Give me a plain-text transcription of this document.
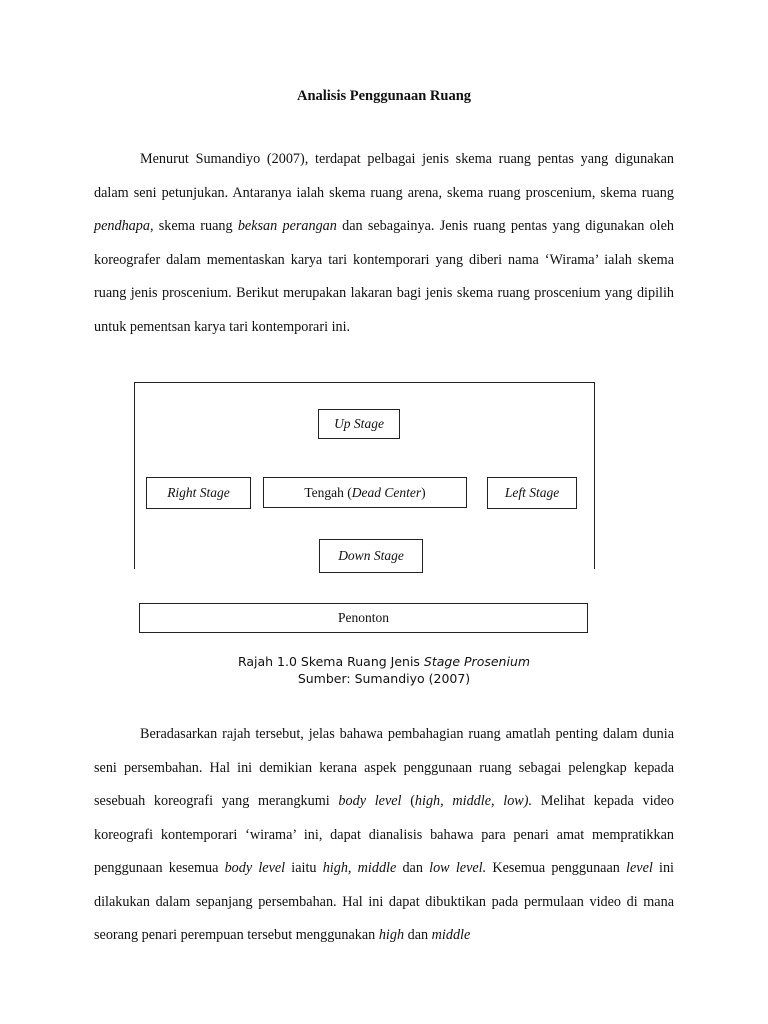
Analisis Penggunaan Ruang

Menurut Sumandiyo (2007), terdapat pelbagai jenis skema ruang pentas yang digunakan dalam seni petunjukan. Antaranya ialah skema ruang arena, skema ruang proscenium, skema ruang pendhapa, skema ruang beksan perangan dan sebagainya. Jenis ruang pentas yang digunakan oleh koreografer dalam mementaskan karya tari kontemporari yang diberi nama ‘Wirama’ ialah skema ruang jenis proscenium. Berikut merupakan lakaran bagi jenis skema ruang proscenium yang dipilih untuk pementsan karya tari kontemporari ini.

Up Stage
Right Stage	Tengah ( Dead Center )	Left Stage
Down Stage
Penonton
Rajah 1.0 Skema Ruang Jenis Stage Prosenium
Sumber: Sumandiyo (2007)

Beradasarkan rajah tersebut, jelas bahawa pembahagian ruang amatlah penting dalam dunia seni persembahan. Hal ini demikian kerana aspek penggunaan ruang sebagai pelengkap kepada sesebuah koreografi yang merangkumi body level (high, middle, low). Melihat kepada video koreografi kontemporari ‘wirama’ ini, dapat dianalisis bahawa para penari amat mempratikkan penggunaan kesemua body level iaitu high, middle dan low level. Kesemua penggunaan level ini dilakukan dalam sepanjang persembahan. Hal ini dapat dibuktikan pada permulaan video di mana seorang penari perempuan tersebut menggunakan high dan middle
